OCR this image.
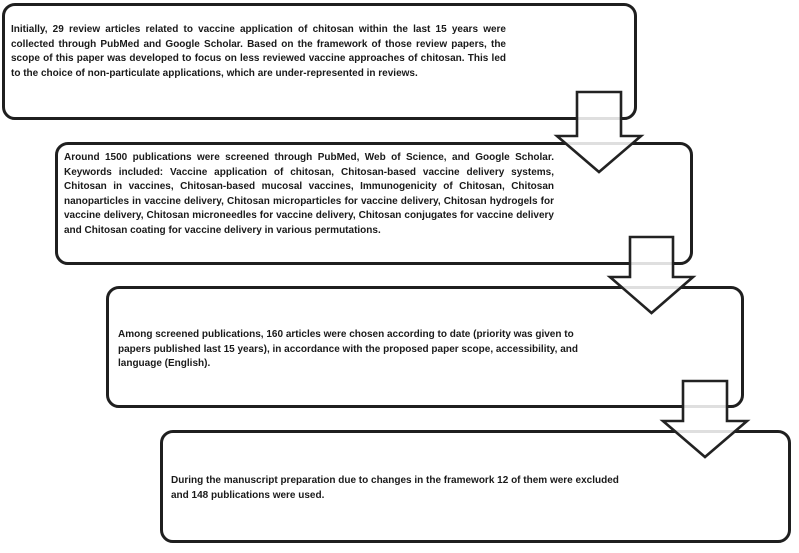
Initially, 29 review articles related to vaccine application of chitosan within the last 15 years were collected through PubMed and Google Scholar. Based on the framework of those review papers, the scope of this paper was developed to focus on less reviewed vaccine approaches of chitosan. This led to the choice of non-particulate applications, which are under-represented in reviews.

Around 1500 publications were screened through PubMed, Web of Science, and Google Scholar. Keywords included: Vaccine application of chitosan, Chitosan-based vaccine delivery systems, Chitosan in vaccines, Chitosan-based mucosal vaccines, Immunogenicity of Chitosan, Chitosan nanoparticles in vaccine delivery, Chitosan microparticles for vaccine delivery, Chitosan hydrogels for vaccine delivery, Chitosan microneedles for vaccine delivery, Chitosan conjugates for vaccine delivery and Chitosan coating for vaccine delivery in various permutations.

Among screened publications, 160 articles were chosen according to date (priority was given to papers published last 15 years), in accordance with the proposed paper scope, accessibility, and language (English).

During the manuscript preparation due to changes in the framework 12 of them were excluded and 148 publications were used.
